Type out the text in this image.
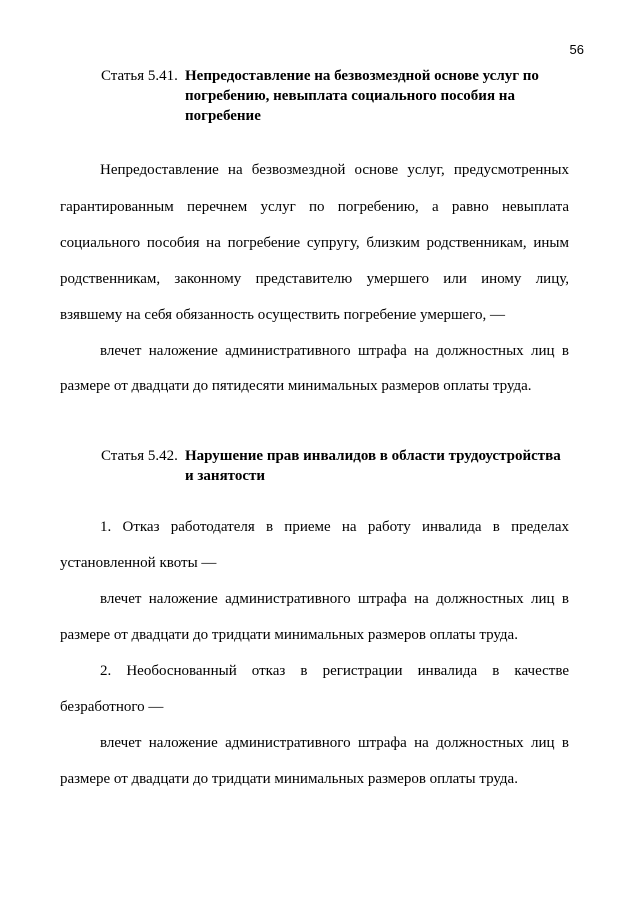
56
Статья 5.41. Непредоставление на безвозмездной основе услуг по погребению, невыплата социального пособия на погребение
Непредоставление на безвозмездной основе услуг, предусмотренных
гарантированным перечнем услуг по погребению, а равно невыплата
социального пособия на погребение супругу, близким родственникам, иным
родственникам, законному представителю умершего или иному лицу,
взявшему на себя обязанность осуществить погребение умершего, —
влечет наложение административного штрафа на должностных лиц в
размере от двадцати до пятидесяти минимальных размеров оплаты труда.
Статья 5.42. Нарушение прав инвалидов в области трудоустройства и занятости
1. Отказ работодателя в приеме на работу инвалида в пределах
установленной квоты —
влечет наложение административного штрафа на должностных лиц в
размере от двадцати до тридцати минимальных размеров оплаты труда.
2. Необоснованный отказ в регистрации инвалида в качестве
безработного —
влечет наложение административного штрафа на должностных лиц в
размере от двадцати до тридцати минимальных размеров оплаты труда.
